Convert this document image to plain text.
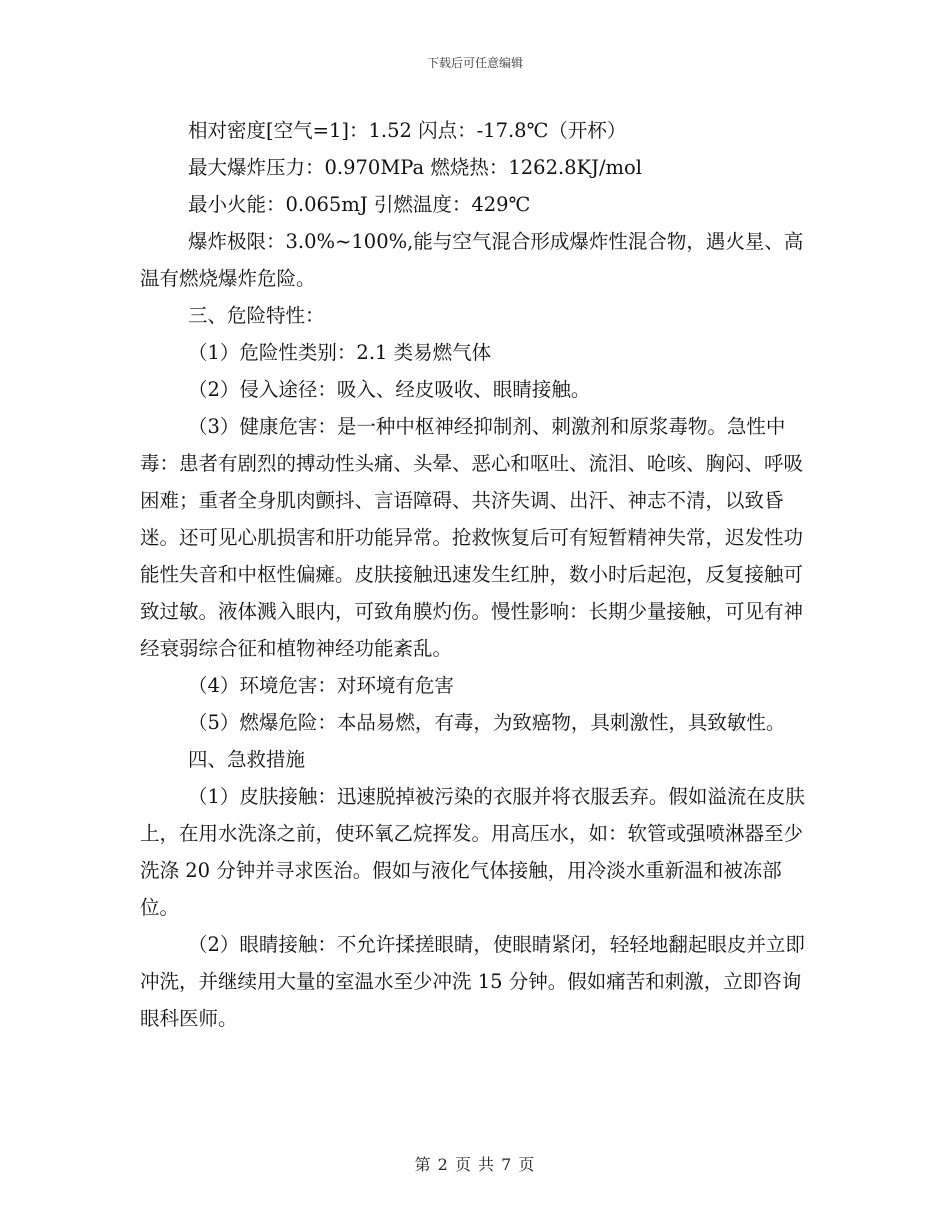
下载后可任意编辑

相对密度[空气=1]：1.52 闪点：-17.8℃（开杯）

最大爆炸压力：0.970MPa 燃烧热：1262.8KJ/mol

最小火能：0.065mJ 引燃温度：429℃

爆炸极限：3.0%~100%,能与空气混合形成爆炸性混合物，遇火星、高温有燃烧爆炸危险。

三、危险特性：

（1）危险性类别：2.1 类易燃气体

（2）侵入途径：吸入、经皮吸收、眼睛接触。

（3）健康危害：是一种中枢神经抑制剂、刺激剂和原浆毒物。急性中毒：患者有剧烈的搏动性头痛、头晕、恶心和呕吐、流泪、呛咳、胸闷、呼吸困难；重者全身肌肉颤抖、言语障碍、共济失调、出汗、神志不清，以致昏迷。还可见心肌损害和肝功能异常。抢救恢复后可有短暂精神失常，迟发性功能性失音和中枢性偏瘫。皮肤接触迅速发生红肿，数小时后起泡，反复接触可致过敏。液体溅入眼内，可致角膜灼伤。慢性影响：长期少量接触，可见有神经衰弱综合征和植物神经功能紊乱。

（4）环境危害：对环境有危害

（5）燃爆危险：本品易燃，有毒，为致癌物，具刺激性，具致敏性。

四、急救措施

（1）皮肤接触：迅速脱掉被污染的衣服并将衣服丢弃。假如溢流在皮肤上，在用水洗涤之前，使环氧乙烷挥发。用高压水，如：软管或强喷淋器至少洗涤 20 分钟并寻求医治。假如与液化气体接触，用冷淡水重新温和被冻部位。

（2）眼睛接触：不允许揉搓眼睛，使眼睛紧闭，轻轻地翻起眼皮并立即冲洗，并继续用大量的室温水至少冲洗 15 分钟。假如痛苦和刺激，立即咨询眼科医师。

第 2 页 共 7 页
